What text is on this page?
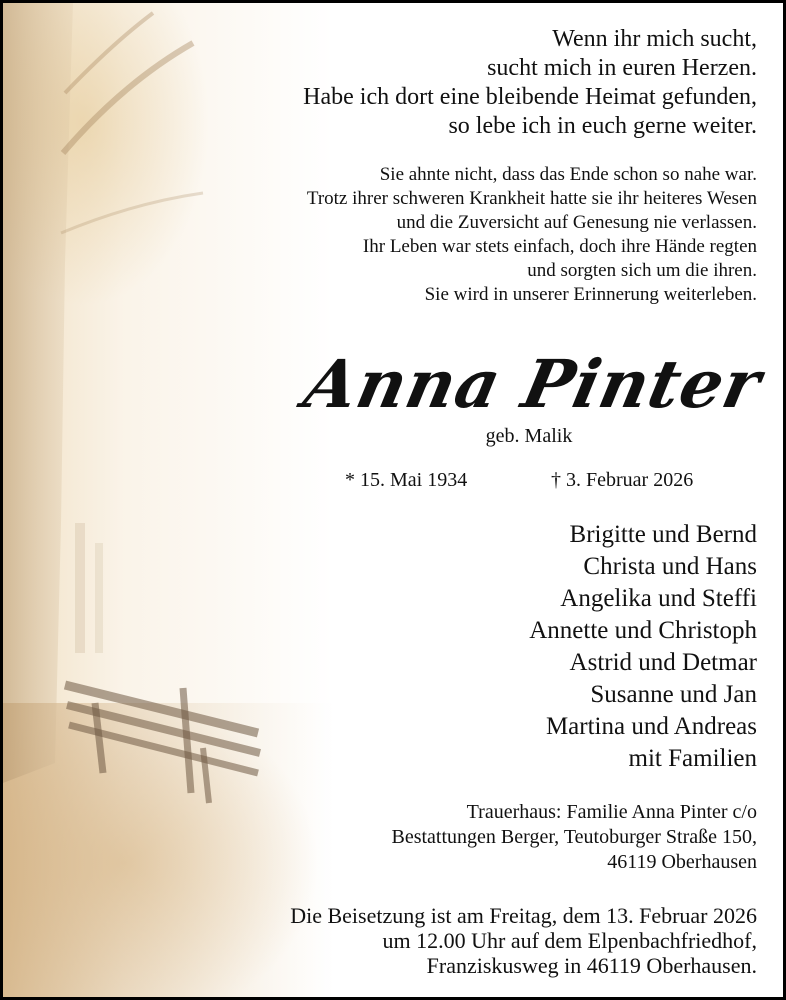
Wenn ihr mich sucht,
sucht mich in euren Herzen.
Habe ich dort eine bleibende Heimat gefunden,
so lebe ich in euch gerne weiter.
Sie ahnte nicht, dass das Ende schon so nahe war.
Trotz ihrer schweren Krankheit hatte sie ihr heiteres Wesen
und die Zuversicht auf Genesung nie verlassen.
Ihr Leben war stets einfach, doch ihre Hände regten
und sorgten sich um die ihren.
Sie wird in unserer Erinnerung weiterleben.
Anna Pinter
geb. Malik
* 15. Mai 1934	† 3. Februar 2026
Brigitte und Bernd
Christa und Hans
Angelika und Steffi
Annette und Christoph
Astrid und Detmar
Susanne und Jan
Martina und Andreas
mit Familien
Trauerhaus: Familie Anna Pinter c/o
Bestattungen Berger, Teutoburger Straße 150,
46119 Oberhausen
Die Beisetzung ist am Freitag, dem 13. Februar 2026
um 12.00 Uhr auf dem Elpenbachfriedhof,
Franziskusweg in 46119 Oberhausen.
